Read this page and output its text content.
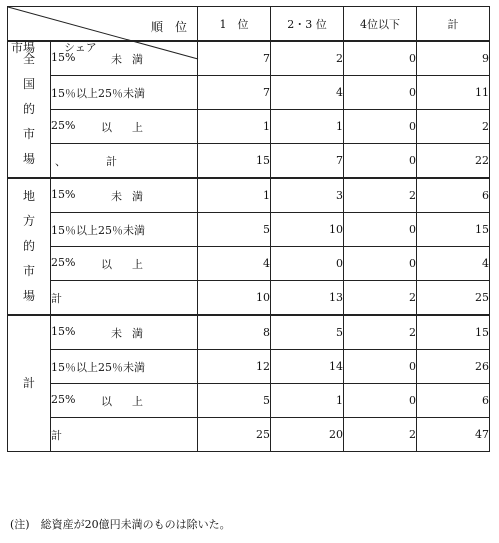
順　位
シェア
市場		1　位	2・3 位	4位以下	計

全
国
的
市
場	15% 未 満	7	2	0	9
	15％以上25％未満	7	4	0	11

	25% 以 上	1	1	0	2
	、 計	15	7	0	22

地
方
的
市
場	15% 未 満	1	3	2	6
	15％以上25％未満	5	10	0	15

	25% 以 上	4	0	0	4
	計	10	13	2	25

計	15% 未 満	8	5	2	15
	15％以上25％未満	12	14	0	26

	25% 以 上	5	1	0	6
	計	25	20	2	47
(注)　総資産が20億円未満のものは除いた。
